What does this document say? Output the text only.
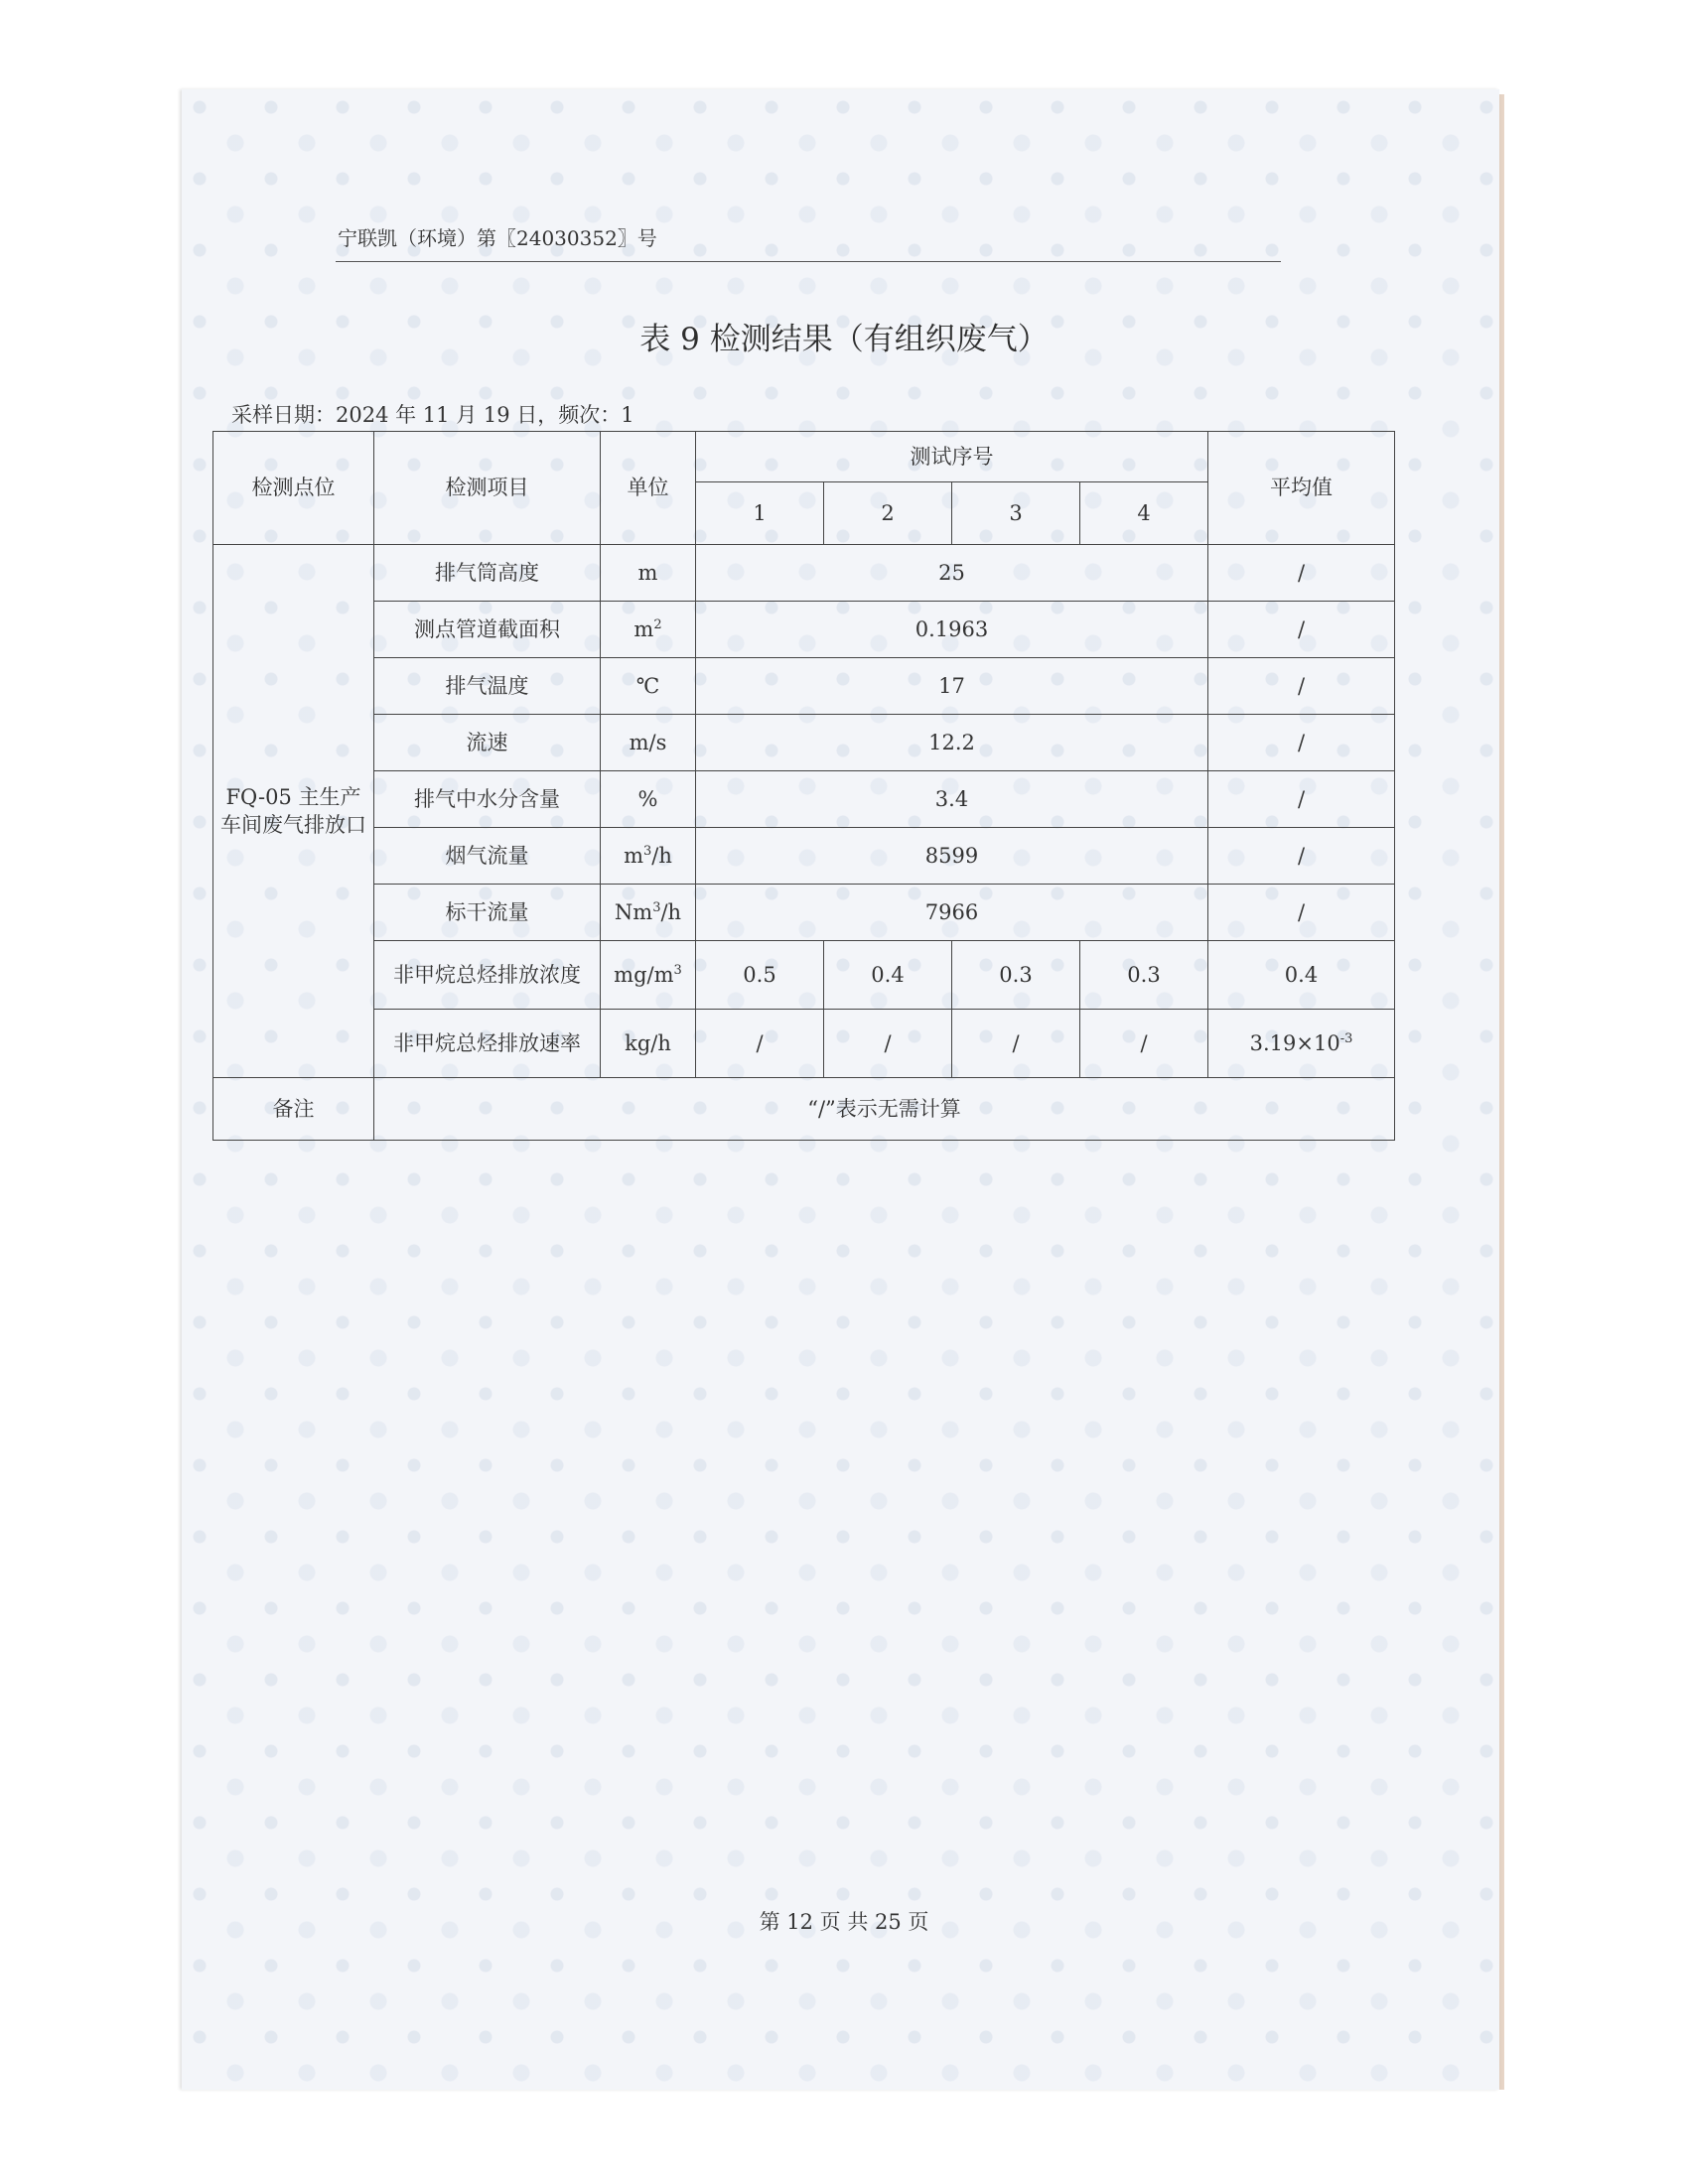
宁联凯（环境）第〖24030352〗号
表 9 检测结果（有组织废气）
采样日期：2024 年 11 月 19 日，频次：1
检测点位	检测项目	单位	测试序号				平均值
			1	2	3	4	
FQ-05 主生产车间废气排放口	排气筒高度	m	25				/
	测点管道截面积	$m^2$	0.1963				/
	排气温度	℃	17				/
	流速	m/s	12.2				/
	排气中水分含量	%	3.4				/
	烟气流量	$m^3/h$	8599				/
	标干流量	Nm$^3$/h	7966				/
	非甲烷总烃排放浓度	$mg/m^3$	0.5	0.4	0.3	0.3	0.4
	非甲烷总烃排放速率	kg/h	/	/	/	/	$3.19\times 10^{-3}$
备注	“/”表示无需计算						
第 12 页 共 25 页
